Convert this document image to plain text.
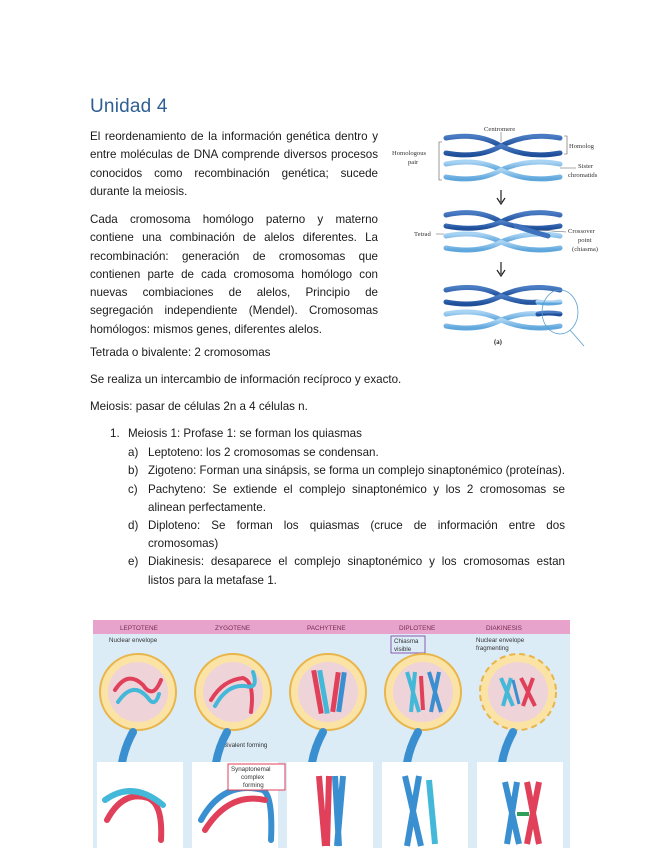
Unidad 4

El reordenamiento de la información genética dentro y entre moléculas de DNA comprende diversos procesos conocidos como recombinación genética; sucede durante la meiosis.

Cada cromosoma homólogo paterno y materno contiene una combinación de alelos diferentes. La recombinación: generación de cromosomas que contienen parte de cada cromosoma homólogo con nuevas combiaciones de alelos, Principio de segregación independiente (Mendel). Cromosomas homólogos: mismos genes, diferentes alelos.

Tetrada o bivalente: 2 cromosomas

Se realiza un intercambio de información recíproco y exacto.

Meiosis: pasar de células 2n a 4 células n.

1. Meiosis 1: Profase 1: se forman los quiasmas
a) Leptoteno: los 2 cromosomas se condensan.
b) Zigoteno: Forman una sinápsis, se forma un complejo sinaptonémico (proteínas).
c) Pachyteno: Se extiende el complejo sinaptonémico y los 2 cromosomas se alinean perfectamente.
d) Diploteno: Se forman los quiasmas (cruce de información entre dos cromosomas)
e) Diakinesis: desaparece el complejo sinaptonémico y los cromosomas estan listos para la metafase 1.
Centromere
Homolog
Homologous
pair
Sister
chromatids
Tetrad	Crossover
point
(chiasma)
(a)
LEPTOTENE	ZYGOTENE	PACHYTENE	DIPLOTENE	DIAKINESIS
Nuclear envelope	Chiasma
visible
Nuclear envelope
fragmenting
Bivalent forming
Synaptonemal
complex
forming
